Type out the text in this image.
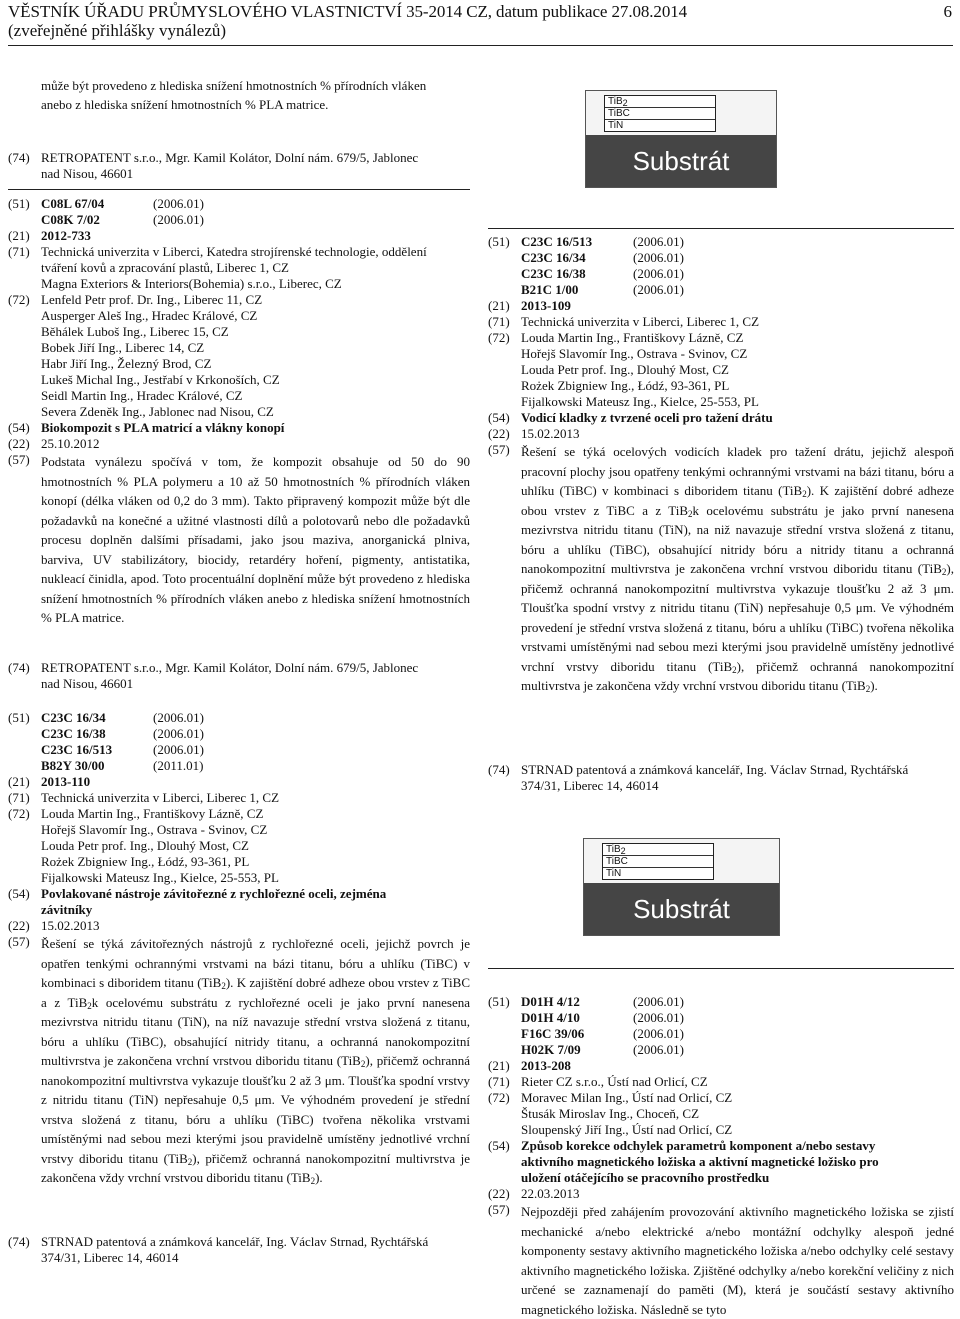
VĚSTNÍK ÚŘADU PRŮMYSLOVÉHO VLASTNICTVÍ 35-2014 CZ, datum publikace 27.08.2014
(zveřejněné přihlášky vynálezů)
6
může být provedeno z hlediska snížení hmotnostních % přírodních vláken
anebo z hlediska snížení hmotnostních % PLA matrice.
(74) RETROPATENT s.r.o., Mgr. Kamil Kolátor, Dolní nám. 679/5, Jablonec
nad Nisou, 46601
(51) C08L 67/04	(2006.01)
C08K 7/02	(2006.01)
(21) 2012-733
(71) Technická univerzita v Liberci, Katedra strojírenské technologie, oddělení
tváření kovů a zpracování plastů, Liberec 1, CZ
Magna Exteriors & Interiors(Bohemia) s.r.o., Liberec, CZ
(72) Lenfeld Petr prof. Dr. Ing., Liberec 11, CZ
Ausperger Aleš Ing., Hradec Králové, CZ
Běhálek Luboš Ing., Liberec 15, CZ
Bobek Jiří Ing., Liberec 14, CZ
Habr Jiří Ing., Železný Brod, CZ
Lukeš Michal Ing., Jestřabí v Krkonoších, CZ
Seidl Martin Ing., Hradec Králové, CZ
Severa Zdeněk Ing., Jablonec nad Nisou, CZ
(54) Biokompozit s PLA matricí a vlákny konopí
(22) 25.10.2012
(57) Podstata vynálezu spočívá v tom, že kompozit obsahuje od 50 do 90 hmotnostních % PLA polymeru a 10 až 50 hmotnostních % přírodních vláken konopí (délka vláken od 0,2 do 3 mm). Takto připravený kompozit může být dle požadavků na konečné a užitné vlastnosti dílů a polotovarů nebo dle požadavků procesu doplněn dalšími přísadami, jako jsou maziva, anorganická plniva, barviva, UV stabilizátory, biocidy, retardéry hoření, pigmenty, antistatika, nukleací činidla, apod. Toto procentuální doplnění může být provedeno z hlediska snížení hmotnostních % přírodních vláken anebo z hlediska snížení hmotnostních % PLA matrice.
(74) RETROPATENT s.r.o., Mgr. Kamil Kolátor, Dolní nám. 679/5, Jablonec
nad Nisou, 46601
(51) C23C 16/34	(2006.01)
C23C 16/38	(2006.01)
C23C 16/513	(2006.01)
B82Y 30/00	(2011.01)
(21) 2013-110
(71) Technická univerzita v Liberci, Liberec 1, CZ
(72) Louda Martin Ing., Františkovy Lázně, CZ
Hořejš Slavomír Ing., Ostrava - Svinov, CZ
Louda Petr prof. Ing., Dlouhý Most, CZ
Rożek Zbigniew Ing., Łódź, 93-361, PL
Fijalkowski Mateusz Ing., Kielce, 25-553, PL
(54) Povlakované nástroje závitořezné z rychlořezné oceli, zejména
závitníky
(22) 15.02.2013
(57) Řešení se týká závitořezných nástrojů z rychlořezné oceli, jejichž povrch je opatřen tenkými ochrannými vrstvami na bázi titanu, bóru a uhlíku (TiBC) v kombinaci s diboridem titanu (TiB$_2$). K zajištění dobré adheze obou vrstev z TiBC a z TiB$_2$k ocelovému substrátu z rychlořezné oceli je jako první nanesena mezivrstva nitridu titanu (TiN), na níž navazuje střední vrstva složená z titanu, bóru a uhlíku (TiBC), obsahující nitridy titanu, a ochranná nanokompozitní multivrstva je zakončena vrchní vrstvou diboridu titanu (TiB$_2$), přičemž ochranná nanokompozitní multivrstva vykazuje tloušťku 2 až 3 μm. Tloušťka spodní vrstvy z nitridu titanu (TiN) nepřesahuje 0,5 μm. Ve výhodném provedení je střední vrstva složená z titanu, bóru a uhlíku (TiBC) tvořena několika vrstvami umístěnými nad sebou mezi kterými jsou pravidelně umístěny jednotlivé vrchní vrstvy diboridu titanu (TiB$_2$), přičemž ochranná nanokompozitní multivrstva je zakončena vždy vrchní vrstvou diboridu titanu (TiB$_2$).
(74) STRNAD patentová a známková kancelář, Ing. Václav Strnad, Rychtářská
374/31, Liberec 14, 46014
TiB$_2$
TiBC
TiN
Substrát
(51) C23C 16/513	(2006.01)
C23C 16/34	(2006.01)
C23C 16/38	(2006.01)
B21C 1/00	(2006.01)
(21) 2013-109
(71) Technická univerzita v Liberci, Liberec 1, CZ
(72) Louda Martin Ing., Františkovy Lázně, CZ
Hořejš Slavomír Ing., Ostrava - Svinov, CZ
Louda Petr prof. Ing., Dlouhý Most, CZ
Rożek Zbigniew Ing., Łódź, 93-361, PL
Fijalkowski Mateusz Ing., Kielce, 25-553, PL
(54) Vodicí kladky z tvrzené oceli pro tažení drátu
(22) 15.02.2013
(57) Řešení se týká ocelových vodicích kladek pro tažení drátu, jejichž alespoň pracovní plochy jsou opatřeny tenkými ochrannými vrstvami na bázi titanu, bóru a uhlíku (TiBC) v kombinaci s diboridem titanu (TiB$_2$). K zajištění dobré adheze obou vrstev z TiBC a z TiB$_2$k ocelovému substrátu je jako první nanesena mezivrstva nitridu titanu (TiN), na niž navazuje střední vrstva složená z titanu, bóru a uhlíku (TiBC), obsahující nitridy bóru a nitridy titanu a ochranná nanokompozitní multivrstva je zakončena vrchní vrstvou diboridu titanu (TiB$_2$), přičemž ochranná nanokompozitní multivrstva vykazuje tloušťku 2 až 3 μm. Tloušťka spodní vrstvy z nitridu titanu (TiN) nepřesahuje 0,5 μm. Ve výhodném provedení je střední vrstva složená z titanu, bóru a uhlíku (TiBC) tvořena několika vrstvami umístěnými nad sebou mezi kterými jsou pravidelně umístěny jednotlivé vrchní vrstvy diboridu titanu (TiB$_2$), přičemž ochranná nanokompozitní multivrstva je zakončena vždy vrchní vrstvou diboridu titanu (TiB$_2$).
(74) STRNAD patentová a známková kancelář, Ing. Václav Strnad, Rychtářská
374/31, Liberec 14, 46014
TiB$_2$
TiBC
TiN
Substrát
(51) D01H 4/12	(2006.01)
D01H 4/10	(2006.01)
F16C 39/06	(2006.01)
H02K 7/09	(2006.01)
(21) 2013-208
(71) Rieter CZ s.r.o., Ústí nad Orlicí, CZ
(72) Moravec Milan Ing., Ústí nad Orlicí, CZ
Štusák Miroslav Ing., Choceň, CZ
Sloupenský Jiří Ing., Ústí nad Orlicí, CZ
(54) Způsob korekce odchylek parametrů komponent a/nebo sestavy
aktivního magnetického ložiska a aktivní magnetické ložisko pro
uložení otáčejícího se pracovního prostředku
(22) 22.03.2013
(57) Nejpozději před zahájením provozování aktivního magnetického ložiska se zjistí mechanické a/nebo elektrické a/nebo montážní odchylky alespoň jedné komponenty sestavy aktivního magnetického ložiska a/nebo odchylky celé sestavy aktivního magnetického ložiska. Zjištěné odchylky a/nebo korekční veličiny z nich určené se zaznamenají do paměti (M), která je součástí sestavy aktivního magnetického ložiska. Následně se tyto
